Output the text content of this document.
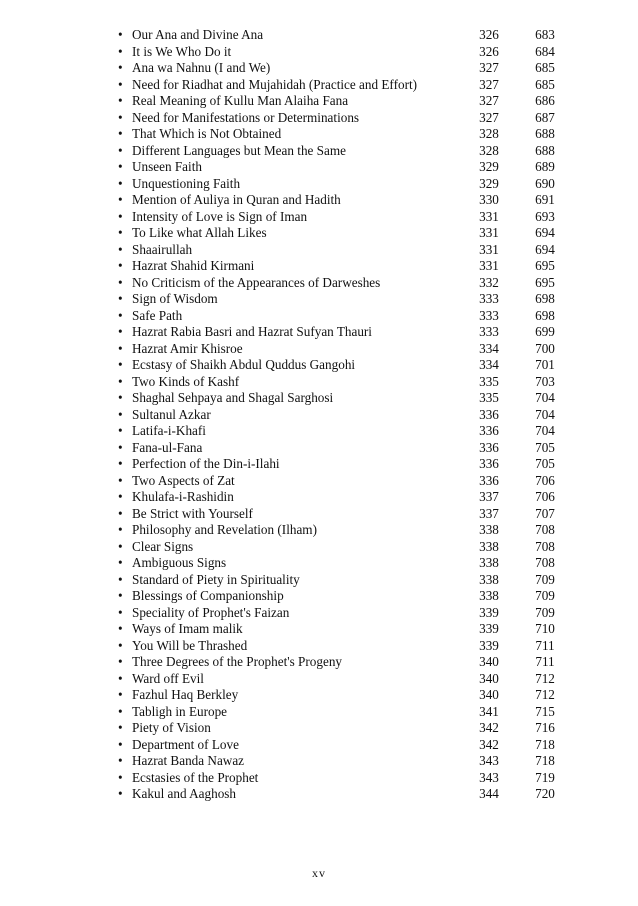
• Our Ana and Divine Ana	326	683
• It is We Who Do it	326	684
• Ana wa Nahnu (I and We)	327	685
• Need for Riadhat and Mujahidah (Practice and Effort)	327	685
• Real Meaning of Kullu Man Alaiha Fana	327	686
• Need for Manifestations or Determinations	327	687
• That Which is Not Obtained	328	688
• Different Languages but Mean the Same	328	688
• Unseen Faith	329	689
• Unquestioning Faith	329	690
• Mention of Auliya in Quran and Hadith	330	691
• Intensity of Love is Sign of Iman	331	693
• To Like what Allah Likes	331	694
• Shaairullah	331	694
• Hazrat Shahid Kirmani	331	695
• No Criticism of the Appearances of Darweshes	332	695
• Sign of Wisdom	333	698
• Safe Path	333	698
• Hazrat Rabia Basri and Hazrat Sufyan Thauri	333	699
• Hazrat Amir Khisroe	334	700
• Ecstasy of Shaikh Abdul Quddus Gangohi	334	701
• Two Kinds of Kashf	335	703
• Shaghal Sehpaya and Shagal Sarghosi	335	704
• Sultanul Azkar	336	704
• Latifa-i-Khafi	336	704
• Fana-ul-Fana	336	705
• Perfection of the Din-i-Ilahi	336	705
• Two Aspects of Zat	336	706
• Khulafa-i-Rashidin	337	706
• Be Strict with Yourself	337	707
• Philosophy and Revelation (Ilham)	338	708
• Clear Signs	338	708
• Ambiguous Signs	338	708
• Standard of Piety in Spirituality	338	709
• Blessings of Companionship	338	709
• Speciality of Prophet's Faizan	339	709
• Ways of Imam malik	339	710
• You Will be Thrashed	339	711
• Three Degrees of the Prophet's Progeny	340	711
• Ward off Evil	340	712
• Fazhul Haq Berkley	340	712
• Tabligh in Europe	341	715
• Piety of Vision	342	716
• Department of Love	342	718
• Hazrat Banda Nawaz	343	718
• Ecstasies of the Prophet	343	719
• Kakul and Aaghosh	344	720
xv
